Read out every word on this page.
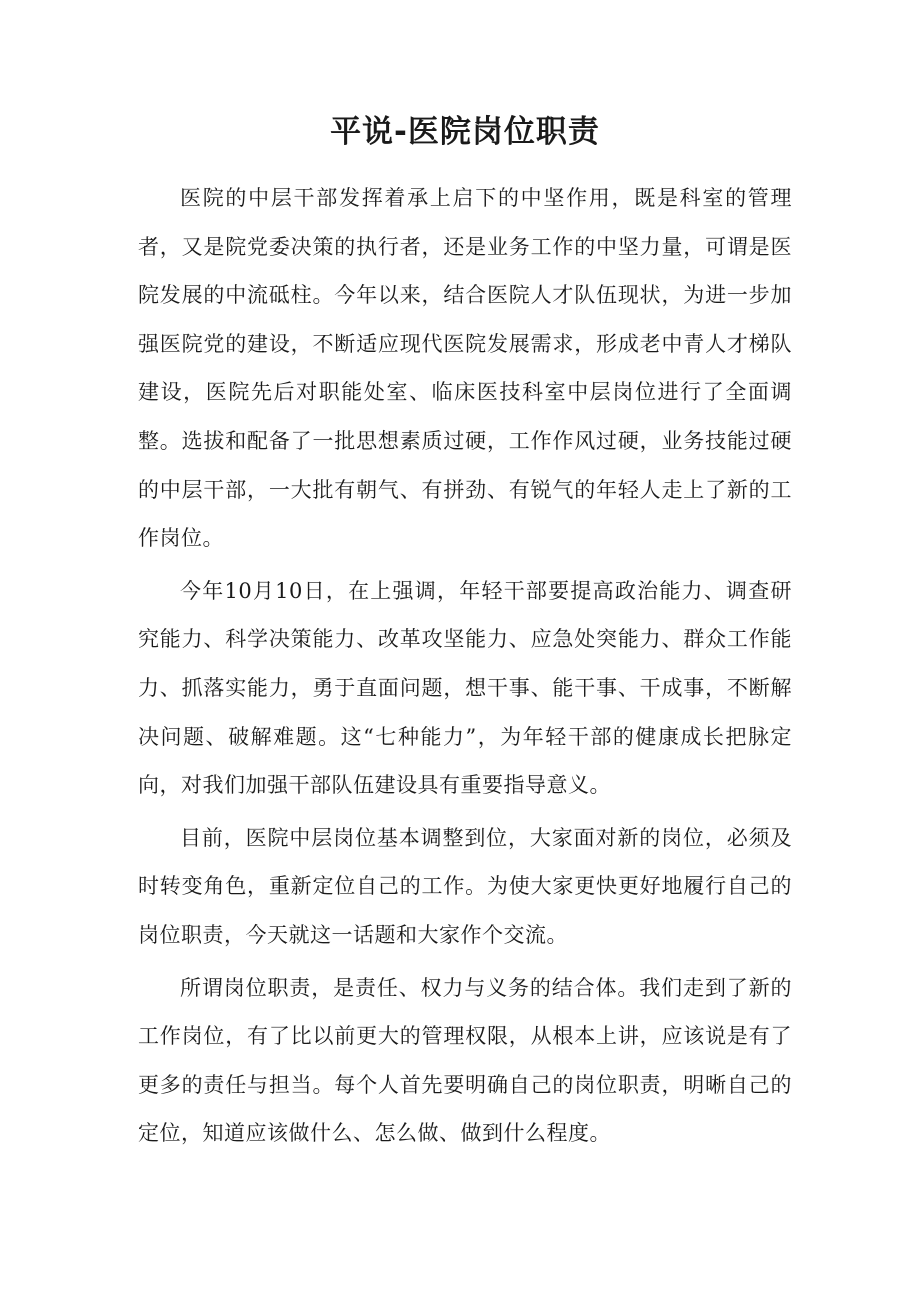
平说-医院岗位职责

医院的中层干部发挥着承上启下的中坚作用，既是科室的管理者，又是院党委决策的执行者，还是业务工作的中坚力量，可谓是医院发展的中流砥柱。今年以来，结合医院人才队伍现状，为进一步加强医院党的建设，不断适应现代医院发展需求，形成老中青人才梯队建设，医院先后对职能处室、临床医技科室中层岗位进行了全面调整。选拔和配备了一批思想素质过硬，工作作风过硬，业务技能过硬的中层干部，一大批有朝气、有拼劲、有锐气的年轻人走上了新的工作岗位。

今年10月10日，在上强调，年轻干部要提高政治能力、调查研究能力、科学决策能力、改革攻坚能力、应急处突能力、群众工作能力、抓落实能力，勇于直面问题，想干事、能干事、干成事，不断解决问题、破解难题。这“七种能力”，为年轻干部的健康成长把脉定向，对我们加强干部队伍建设具有重要指导意义。

目前，医院中层岗位基本调整到位，大家面对新的岗位，必须及时转变角色，重新定位自己的工作。为使大家更快更好地履行自己的岗位职责，今天就这一话题和大家作个交流。

所谓岗位职责，是责任、权力与义务的结合体。我们走到了新的工作岗位，有了比以前更大的管理权限，从根本上讲，应该说是有了更多的责任与担当。每个人首先要明确自己的岗位职责，明晰自己的定位，知道应该做什么、怎么做、做到什么程度。
